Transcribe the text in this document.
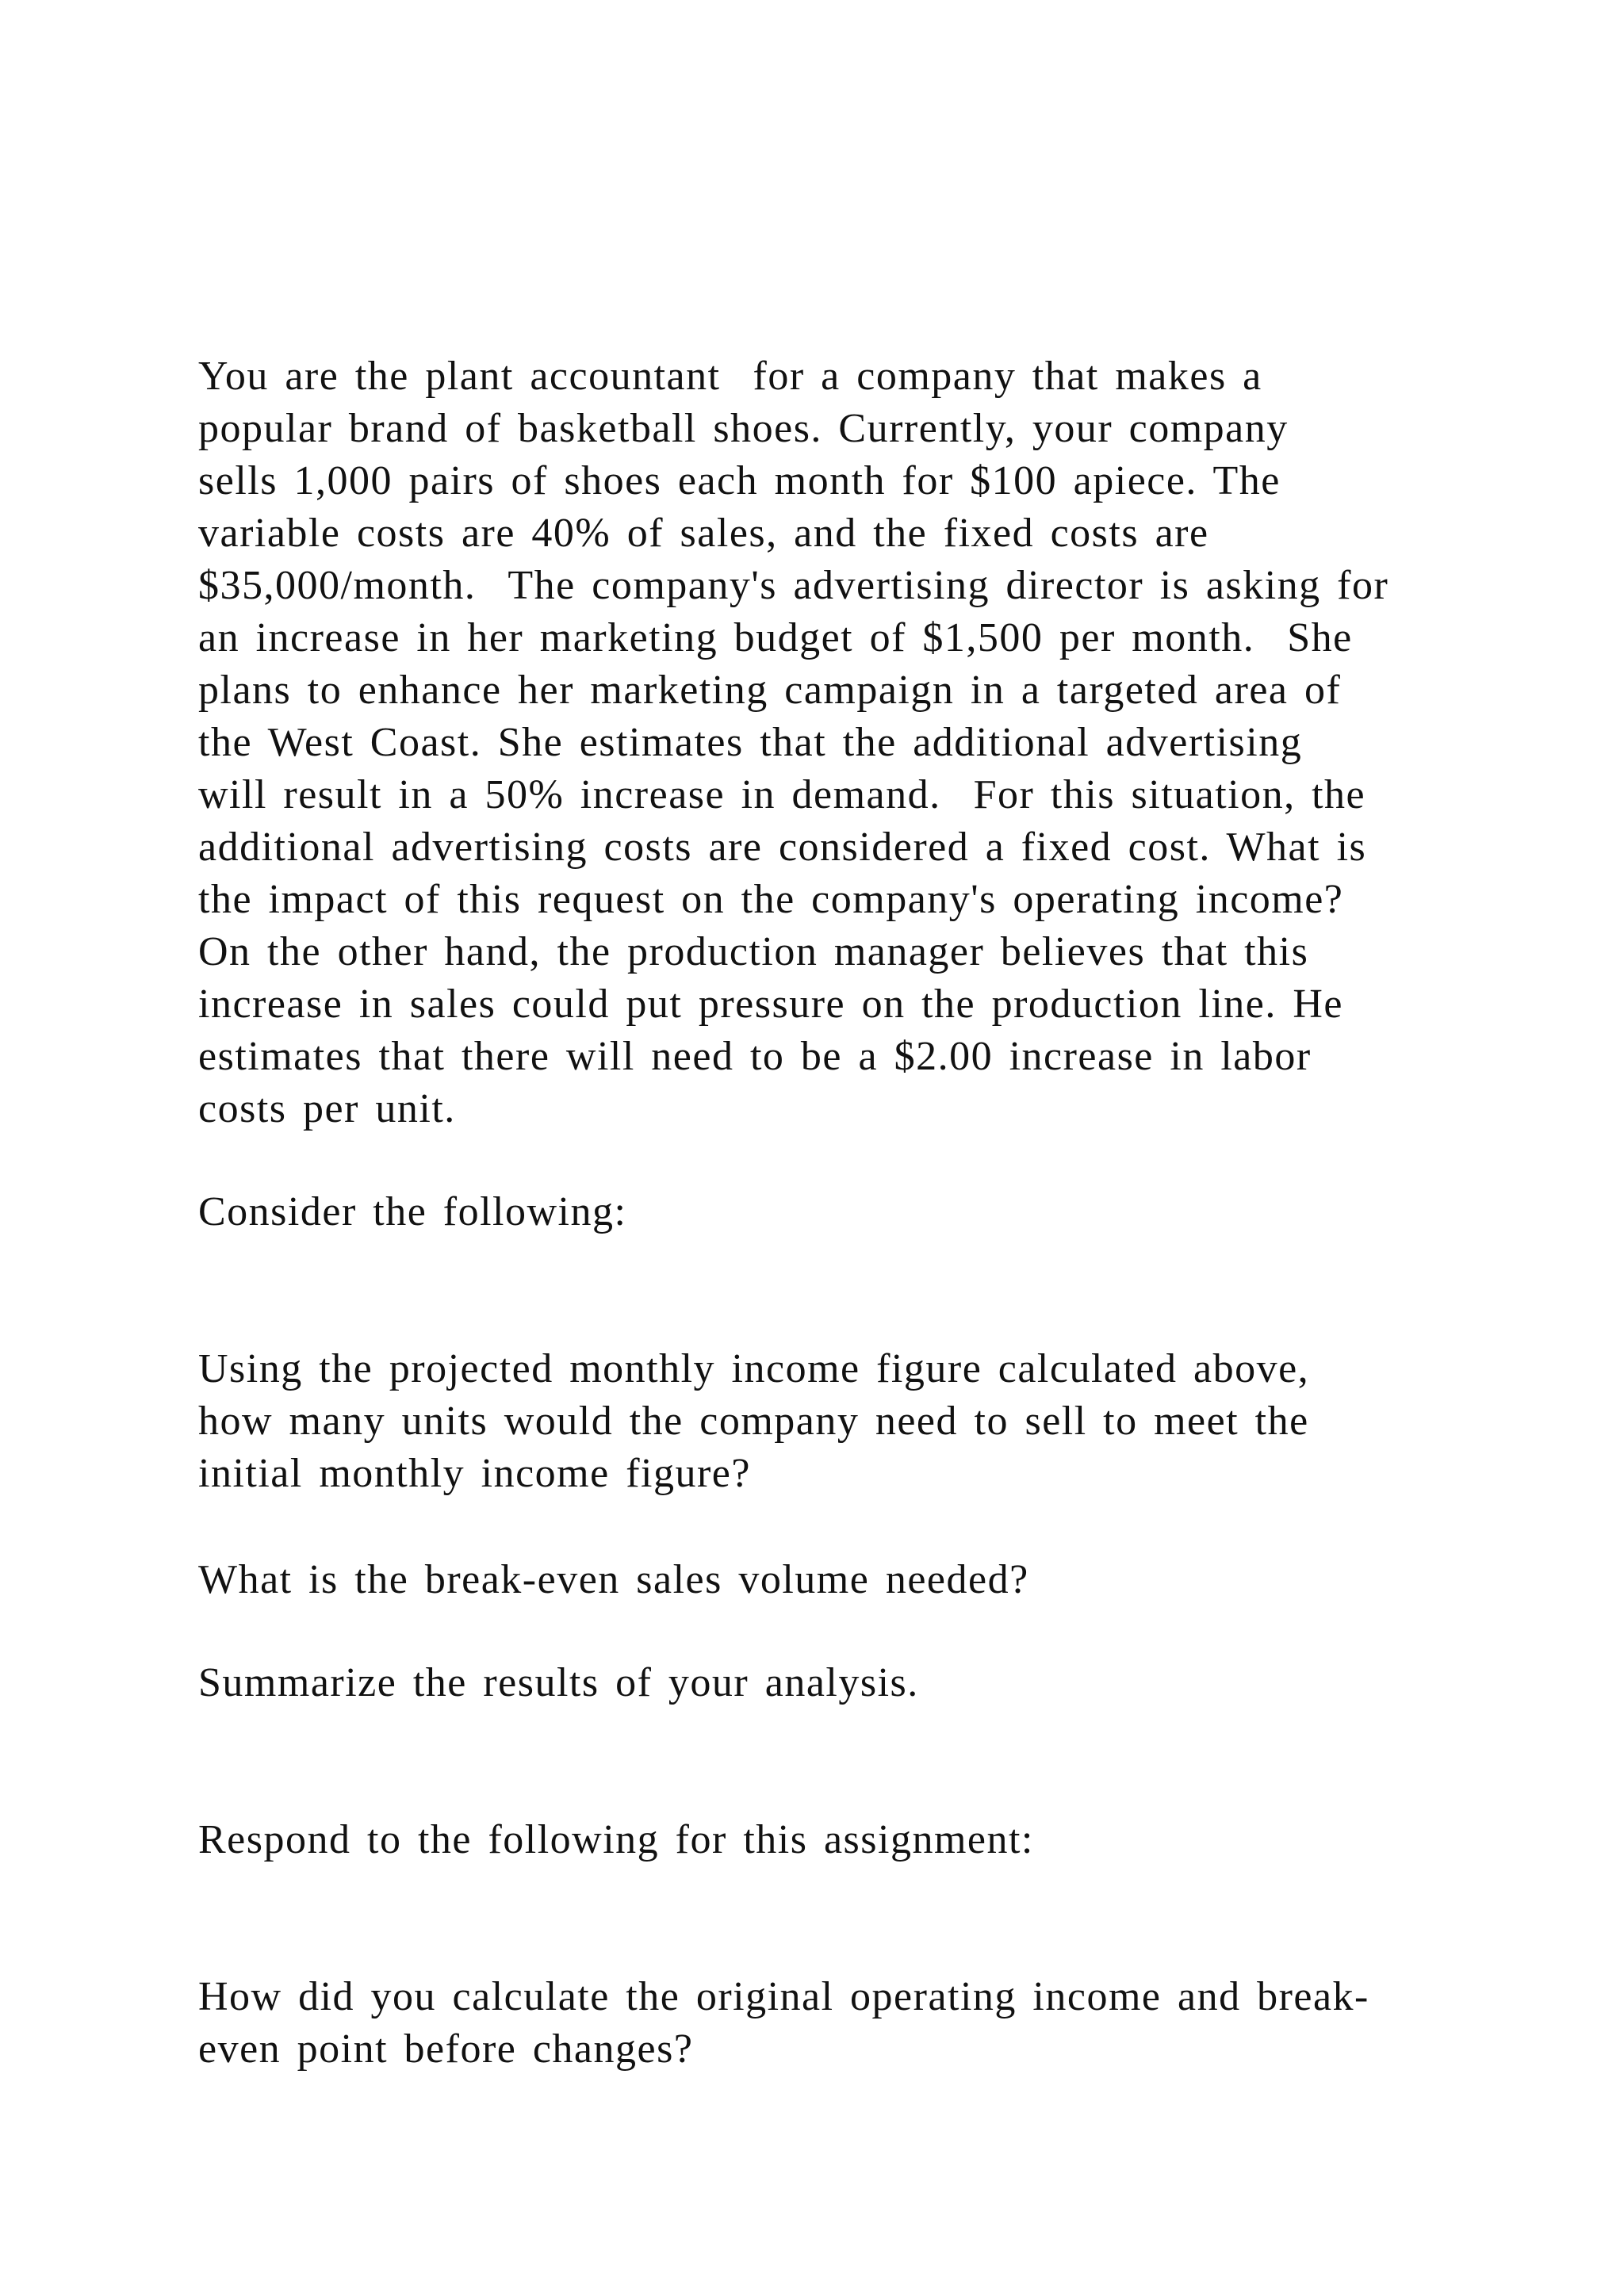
You are the plant accountant  for a company that makes a
popular brand of basketball shoes. Currently, your company
sells 1,000 pairs of shoes each month for $100 apiece. The
variable costs are 40% of sales, and the fixed costs are
$35,000/month.  The company's advertising director is asking for
an increase in her marketing budget of $1,500 per month.  She
plans to enhance her marketing campaign in a targeted area of
the West Coast. She estimates that the additional advertising
will result in a 50% increase in demand.  For this situation, the
additional advertising costs are considered a fixed cost. What is
the impact of this request on the company's operating income?
On the other hand, the production manager believes that this
increase in sales could put pressure on the production line. He
estimates that there will need to be a $2.00 increase in labor
costs per unit.
Consider the following:
Using the projected monthly income figure calculated above,
how many units would the company need to sell to meet the
initial monthly income figure?
What is the break-even sales volume needed?
Summarize the results of your analysis.
Respond to the following for this assignment:
How did you calculate the original operating income and break-
even point before changes?
